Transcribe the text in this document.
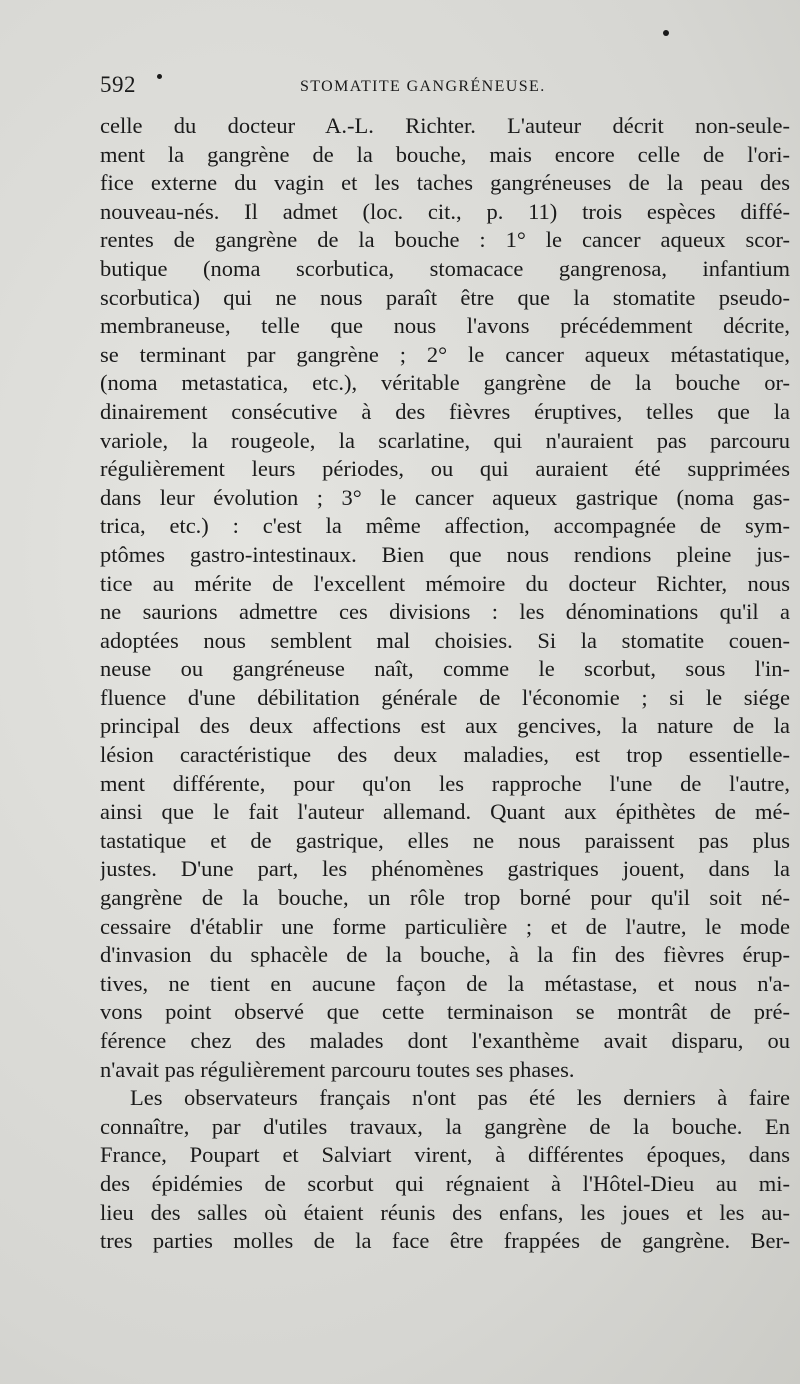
592	STOMATITE GANGRÉNEUSE.
celle du docteur A.-L. Richter. L'auteur décrit non-seule-
ment la gangrène de la bouche, mais encore celle de l'ori-
fice externe du vagin et les taches gangréneuses de la peau des
nouveau-nés. Il admet (loc. cit., p. 11) trois espèces diffé-
rentes de gangrène de la bouche : 1° le cancer aqueux scor-
butique (noma scorbutica, stomacace gangrenosa, infantium
scorbutica) qui ne nous paraît être que la stomatite pseudo-
membraneuse, telle que nous l'avons précédemment décrite,
se terminant par gangrène ; 2° le cancer aqueux métastatique,
(noma metastatica, etc.), véritable gangrène de la bouche or-
dinairement consécutive à des fièvres éruptives, telles que la
variole, la rougeole, la scarlatine, qui n'auraient pas parcouru
régulièrement leurs périodes, ou qui auraient été supprimées
dans leur évolution ; 3° le cancer aqueux gastrique (noma gas-
trica, etc.) : c'est la même affection, accompagnée de sym-
ptômes gastro-intestinaux. Bien que nous rendions pleine jus-
tice au mérite de l'excellent mémoire du docteur Richter, nous
ne saurions admettre ces divisions : les dénominations qu'il a
adoptées nous semblent mal choisies. Si la stomatite couen-
neuse ou gangréneuse naît, comme le scorbut, sous l'in-
fluence d'une débilitation générale de l'économie ; si le siége
principal des deux affections est aux gencives, la nature de la
lésion caractéristique des deux maladies, est trop essentielle-
ment différente, pour qu'on les rapproche l'une de l'autre,
ainsi que le fait l'auteur allemand. Quant aux épithètes de mé-
tastatique et de gastrique, elles ne nous paraissent pas plus
justes. D'une part, les phénomènes gastriques jouent, dans la
gangrène de la bouche, un rôle trop borné pour qu'il soit né-
cessaire d'établir une forme particulière ; et de l'autre, le mode
d'invasion du sphacèle de la bouche, à la fin des fièvres érup-
tives, ne tient en aucune façon de la métastase, et nous n'a-
vons point observé que cette terminaison se montrât de pré-
férence chez des malades dont l'exanthème avait disparu, ou
n'avait pas régulièrement parcouru toutes ses phases.
Les observateurs français n'ont pas été les derniers à faire
connaître, par d'utiles travaux, la gangrène de la bouche. En
France, Poupart et Salviart virent, à différentes époques, dans
des épidémies de scorbut qui régnaient à l'Hôtel-Dieu au mi-
lieu des salles où étaient réunis des enfans, les joues et les au-
tres parties molles de la face être frappées de gangrène. Ber-
